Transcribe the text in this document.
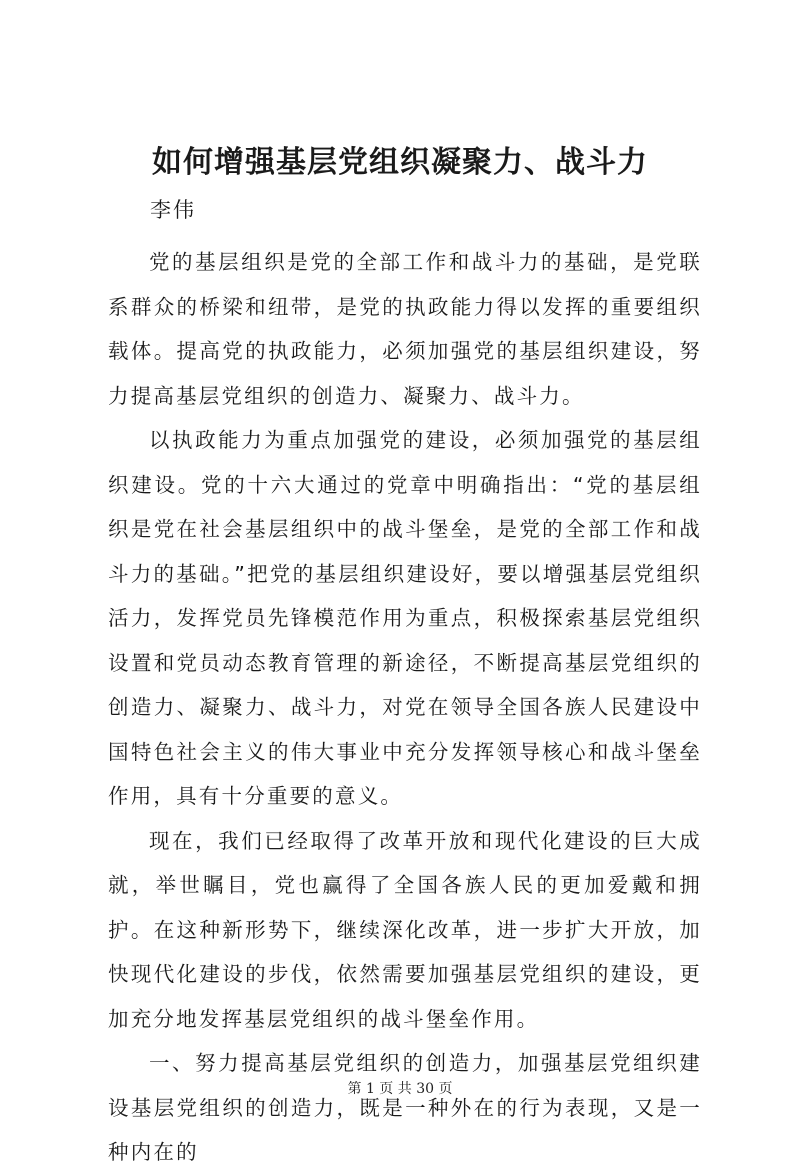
如何增强基层党组织凝聚力、战斗力
李伟

党的基层组织是党的全部工作和战斗力的基础，是党联系群众的桥梁和纽带，是党的执政能力得以发挥的重要组织载体。提高党的执政能力，必须加强党的基层组织建设，努力提高基层党组织的创造力、凝聚力、战斗力。

以执政能力为重点加强党的建设，必须加强党的基层组织建设。党的十六大通过的党章中明确指出：“党的基层组织是党在社会基层组织中的战斗堡垒，是党的全部工作和战斗力的基础。”把党的基层组织建设好，要以增强基层党组织活力，发挥党员先锋模范作用为重点，积极探索基层党组织设置和党员动态教育管理的新途径，不断提高基层党组织的创造力、凝聚力、战斗力，对党在领导全国各族人民建设中国特色社会主义的伟大事业中充分发挥领导核心和战斗堡垒作用，具有十分重要的意义。

现在，我们已经取得了改革开放和现代化建设的巨大成就，举世瞩目，党也赢得了全国各族人民的更加爱戴和拥护。在这种新形势下，继续深化改革，进一步扩大开放，加快现代化建设的步伐，依然需要加强基层党组织的建设，更加充分地发挥基层党组织的战斗堡垒作用。

一、努力提高基层党组织的创造力，加强基层党组织建设基层党组织的创造力，既是一种外在的行为表现，又是一种内在的

第 1 页 共 30 页
